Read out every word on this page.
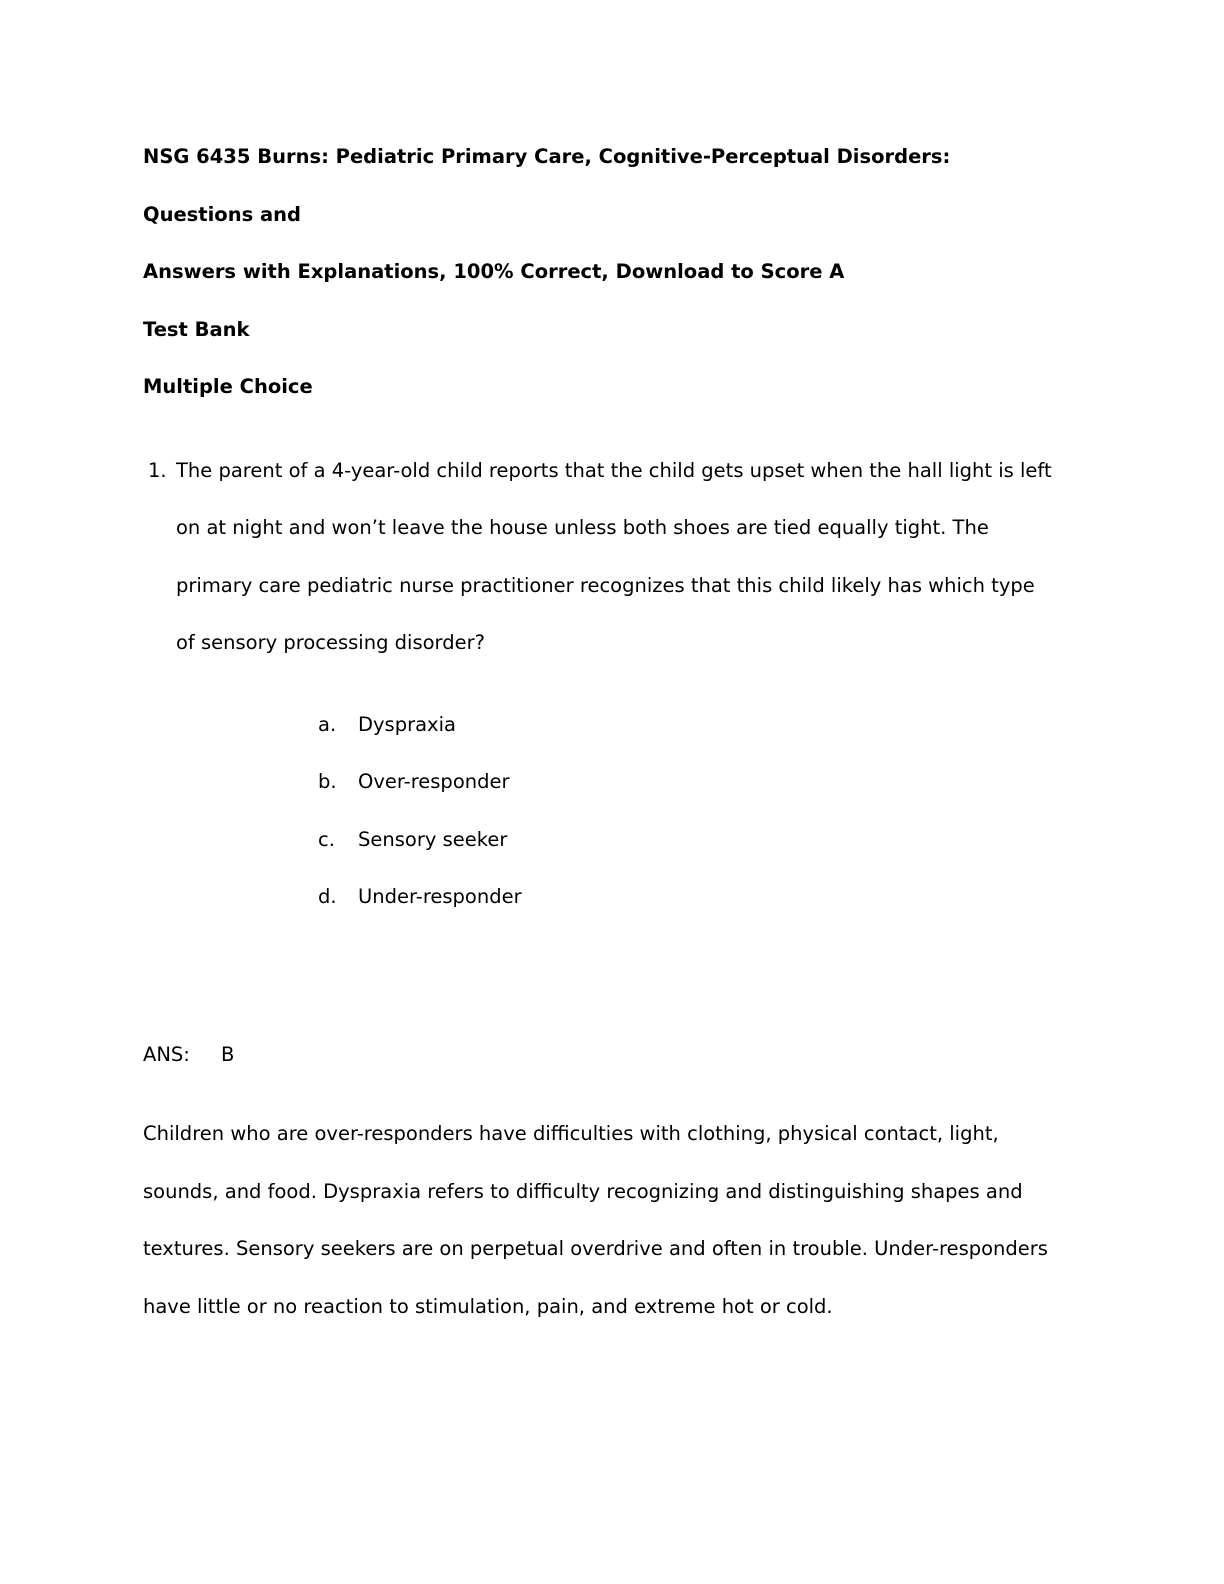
NSG 6435 Burns: Pediatric Primary Care, Cognitive-Perceptual Disorders: Questions and
Answers with Explanations, 100% Correct, Download to Score A
Test Bank
Multiple Choice
1. The parent of a 4-year-old child reports that the child gets upset when the hall light is left on at night and won’t leave the house unless both shoes are tied equally tight. The primary care pediatric nurse practitioner recognizes that this child likely has which type of sensory processing disorder?
a.	Dyspraxia
b.	Over-responder
c.	Sensory seeker
d.	Under-responder
ANS:	B
Children who are over-responders have difficulties with clothing, physical contact, light, sounds, and food. Dyspraxia refers to difficulty recognizing and distinguishing shapes and textures. Sensory seekers are on perpetual overdrive and often in trouble. Under-responders have little or no reaction to stimulation, pain, and extreme hot or cold.
